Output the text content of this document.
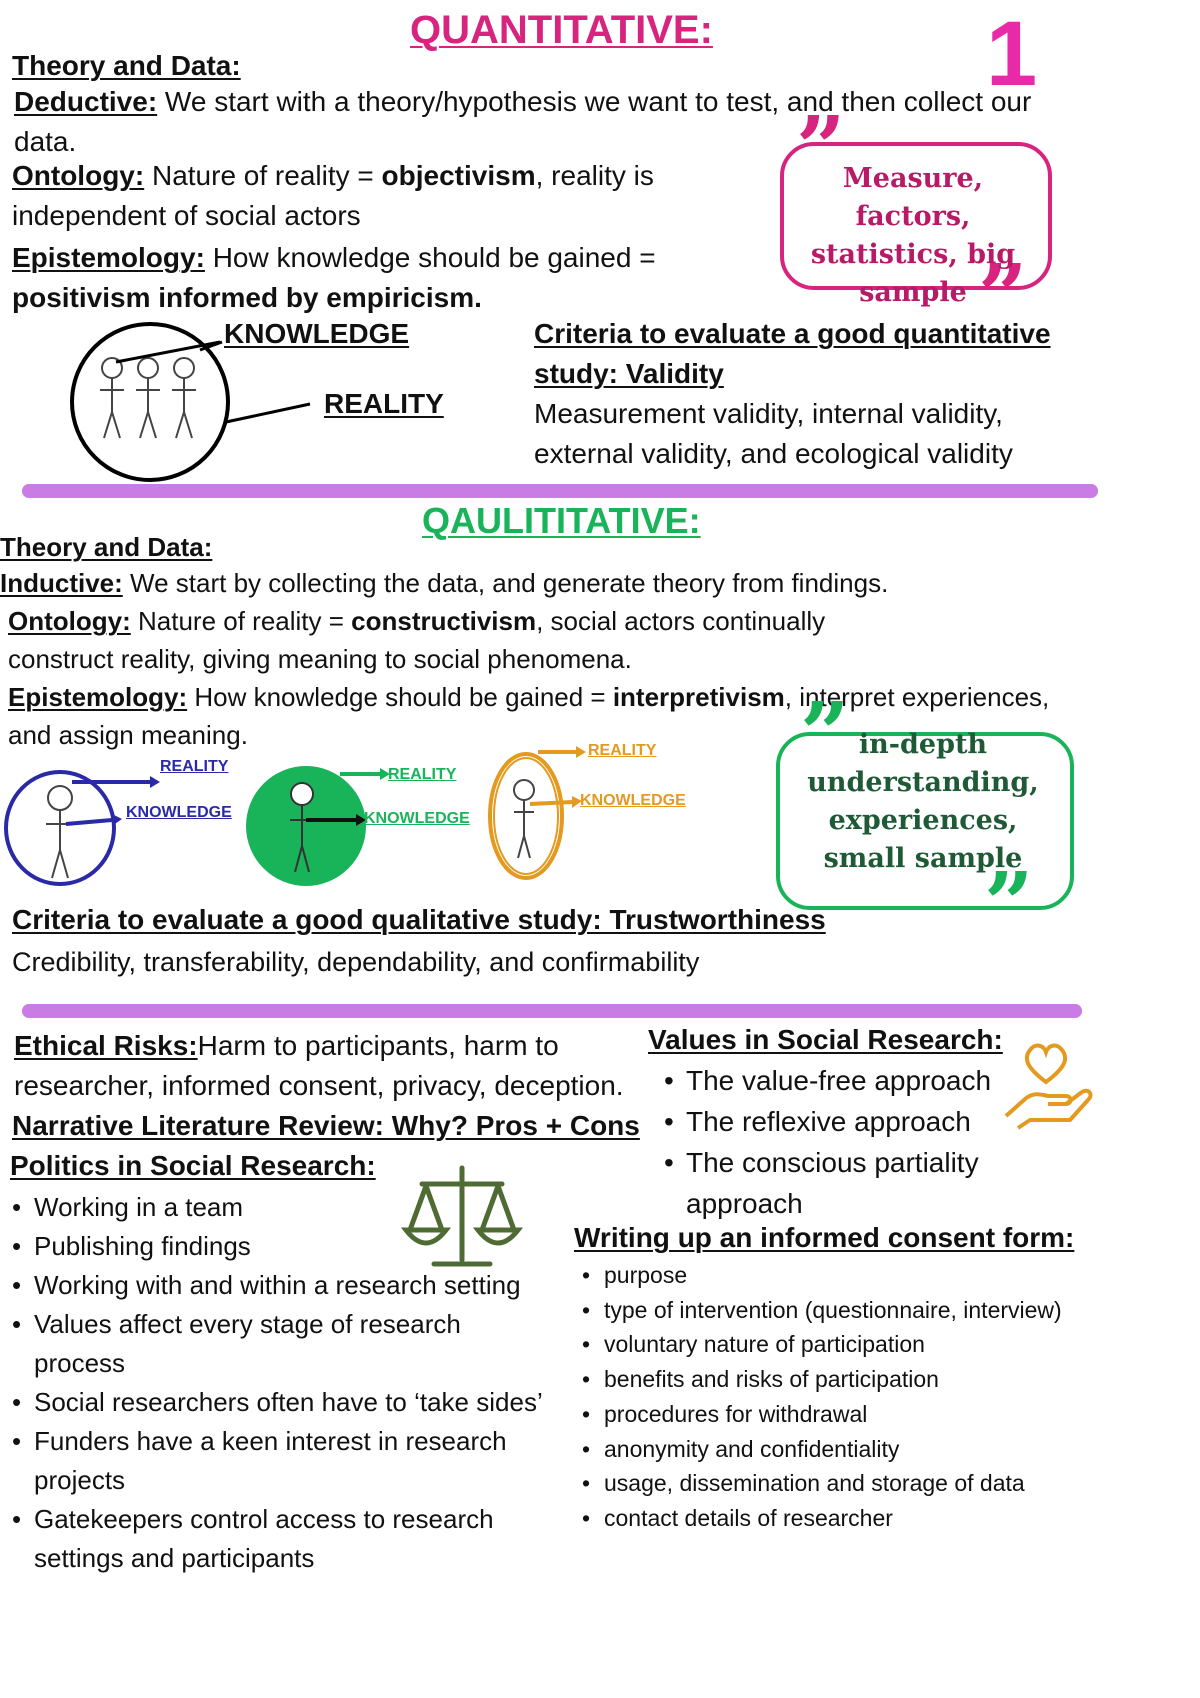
1
QUANTITATIVE:
Theory and Data:
Deductive: We start with a theory/hypothesis we want to test, and then collect our
data.
Ontology: Nature of reality = objectivism, reality is
independent of social actors
Epistemology: How knowledge should be gained =
positivism informed by empiricism.
KNOWLEDGE
REALITY
Criteria to evaluate a good quantitative
study: Validity
Measurement validity, internal validity,
external validity, and ecological validity
”
”
Measure, factors, statistics, big sample
QAULITITATIVE:
Theory and Data:
Inductive: We start by collecting the data, and generate theory from findings.
Ontology: Nature of reality = constructivism, social actors continually
construct reality, giving meaning to social phenomena.
Epistemology: How knowledge should be gained = interpretivism, interpret experiences,
and assign meaning.
REALITY
KNOWLEDGE
REALITY
KNOWLEDGE
REALITY
KNOWLEDGE
”
”
in-depth understanding, experiences, small sample
Criteria to evaluate a good qualitative study: Trustworthiness
Credibility, transferability, dependability, and confirmability
Ethical Risks:Harm to participants, harm to
researcher, informed consent, privacy, deception.
Narrative Literature Review: Why? Pros + Cons
Politics in Social Research:
• Working in a team
• Publishing findings
• Working with and within a research setting
• Values affect every stage of research
process
• Social researchers often have to ‘take sides’
• Funders have a keen interest in research
projects
• Gatekeepers control access to research
settings and participants
Values in Social Research:
• The value-free approach
• The reflexive approach
• The conscious partiality
approach
Writing up an informed consent form:
• purpose
• type of intervention (questionnaire, interview)
• voluntary nature of participation
• benefits and risks of participation
• procedures for withdrawal
• anonymity and confidentiality
• usage, dissemination and storage of data
• contact details of researcher
